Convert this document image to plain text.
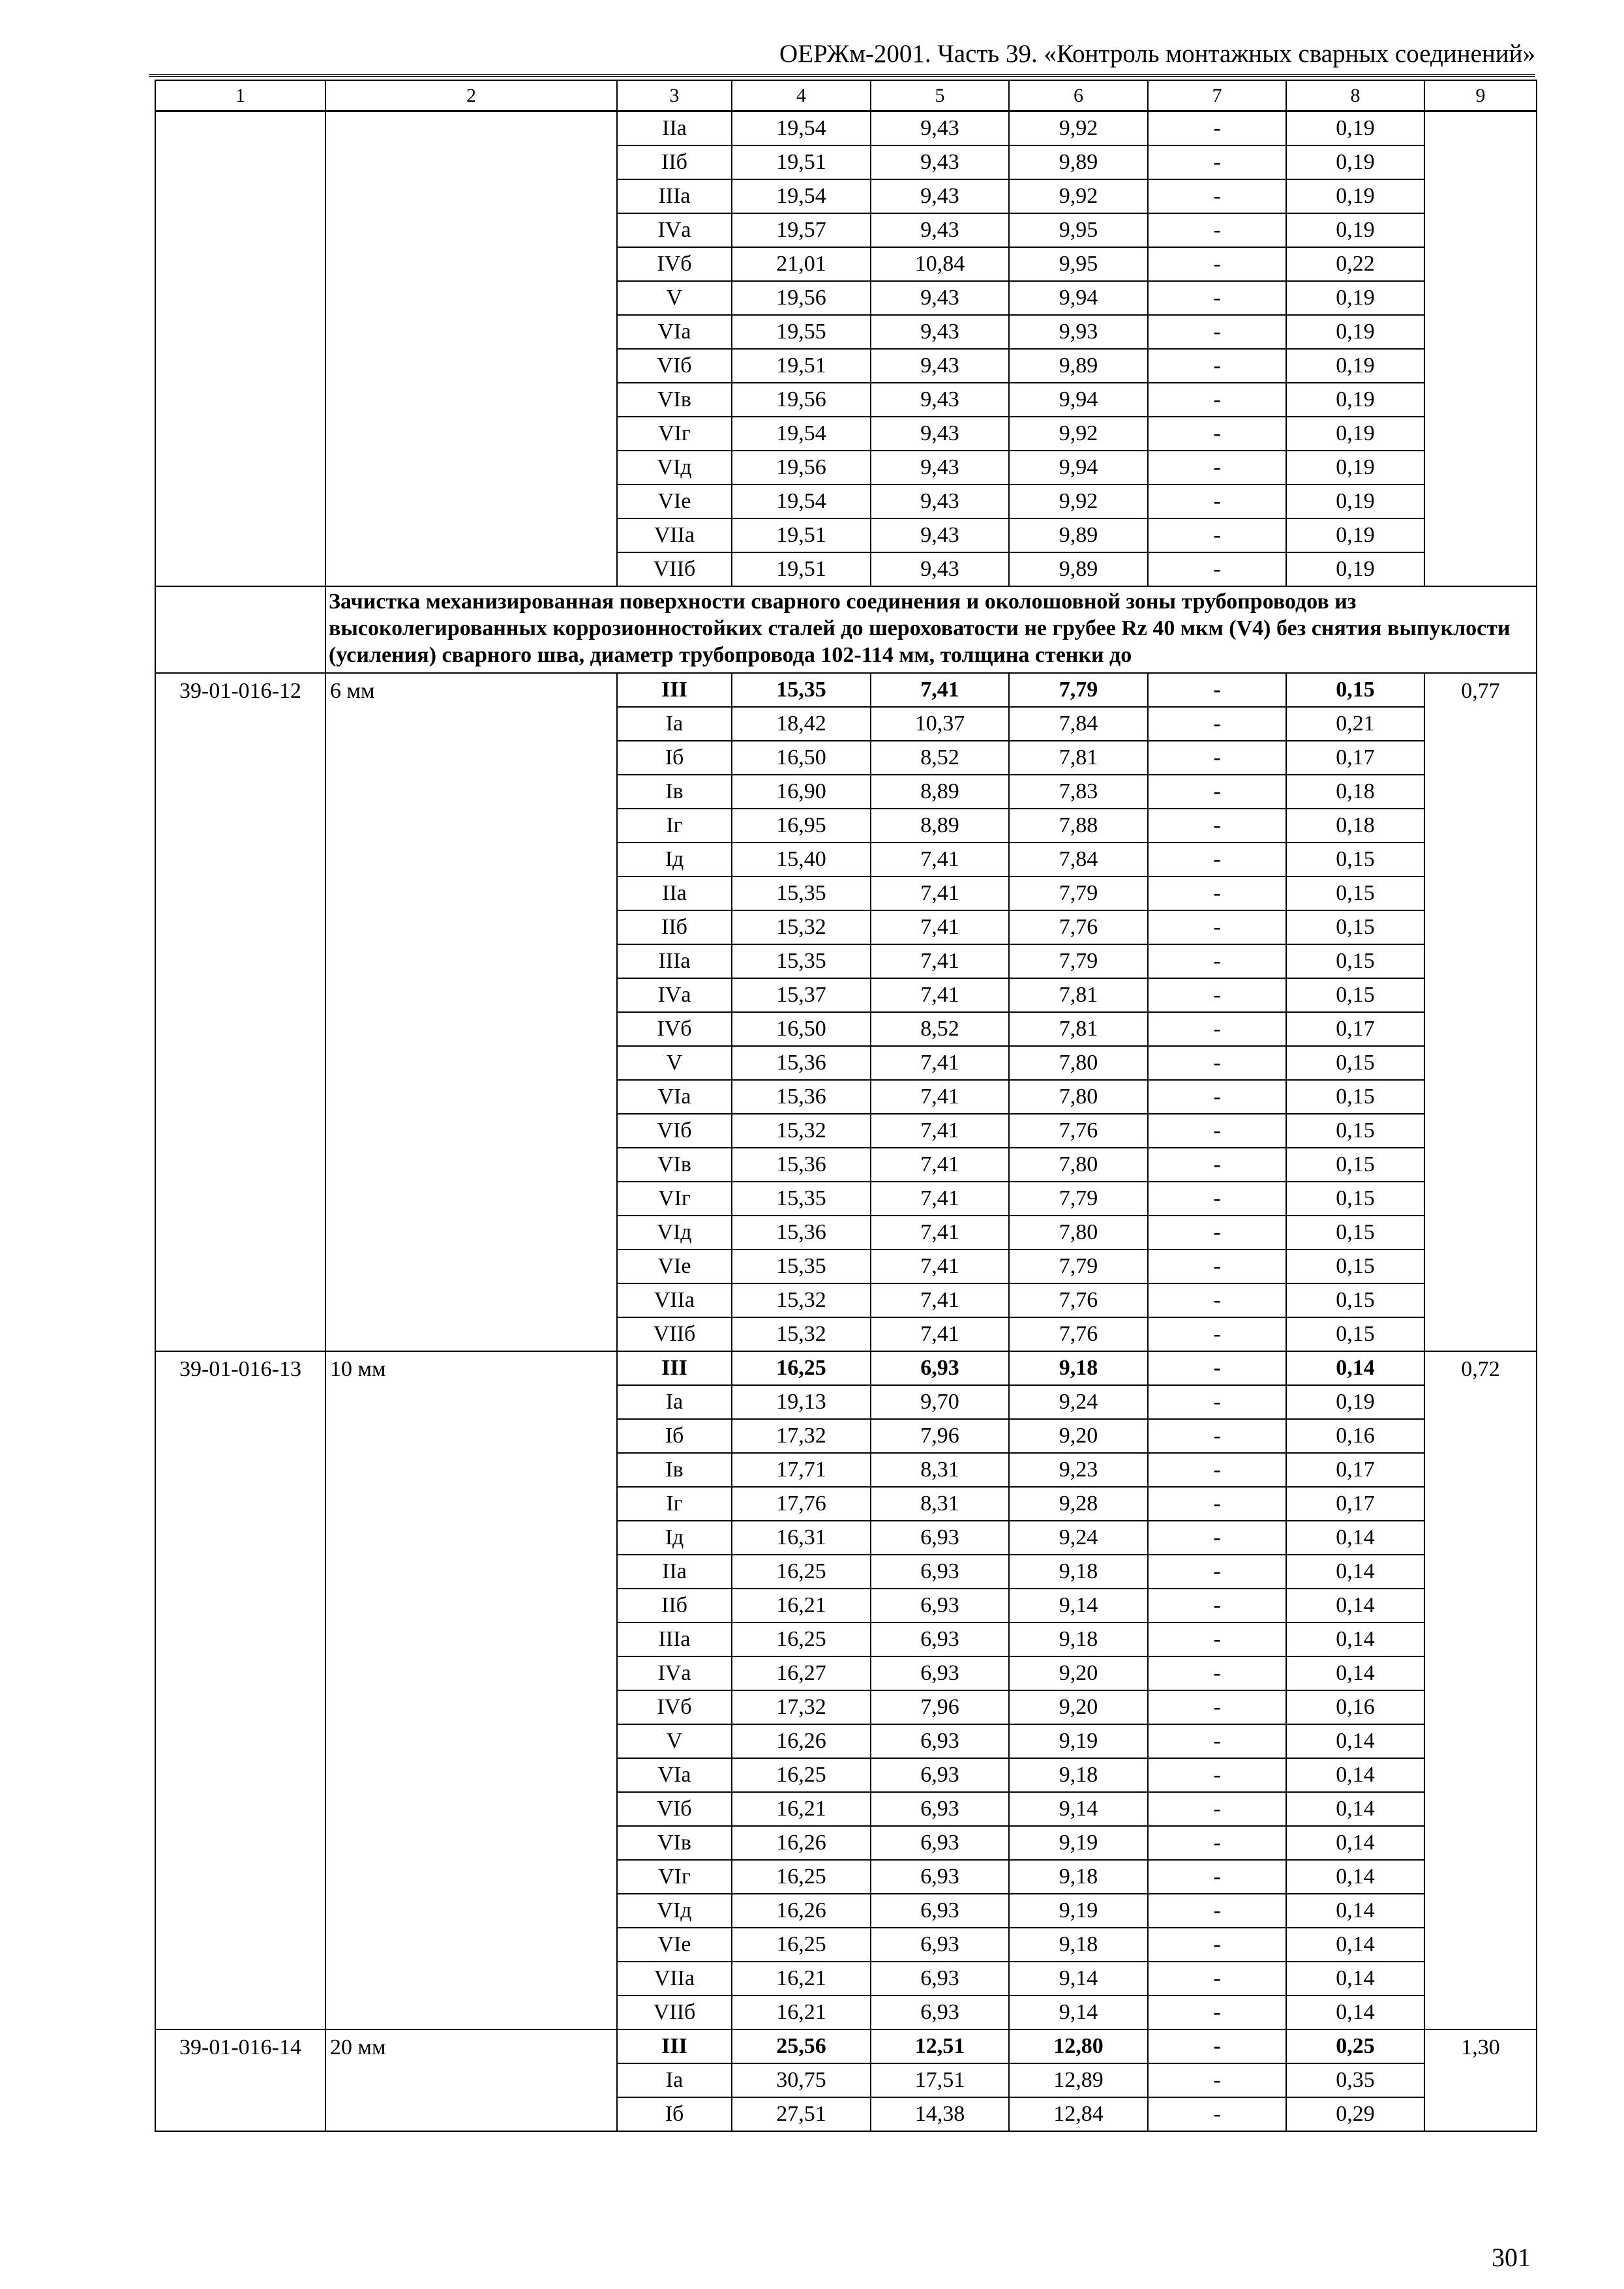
ОЕРЖм-2001. Часть 39. «Контроль монтажных сварных соединений»
1	2	3	4	5	6	7	8	9
		IIа	19,54	9,43	9,92	-	0,19	
		IIб	19,51	9,43	9,89	-	0,19	
		IIIа	19,54	9,43	9,92	-	0,19	
		IVа	19,57	9,43	9,95	-	0,19	
		IVб	21,01	10,84	9,95	-	0,22	
		V	19,56	9,43	9,94	-	0,19	
		VIа	19,55	9,43	9,93	-	0,19	
		VIб	19,51	9,43	9,89	-	0,19	
		VIв	19,56	9,43	9,94	-	0,19	
		VIг	19,54	9,43	9,92	-	0,19	
		VIд	19,56	9,43	9,94	-	0,19	
		VIе	19,54	9,43	9,92	-	0,19	
		VIIа	19,51	9,43	9,89	-	0,19	
		VIIб	19,51	9,43	9,89	-	0,19	
	Зачистка механизированная поверхности сварного соединения и околошовной зоны трубопроводов из высоколегированных коррозионностойких сталей до шероховатости не грубее Rz 40 мкм (V4) без снятия выпуклости (усиления) сварного шва, диаметр трубопровода 102-114 мм, толщина стенки до							
39-01-016-12	6 мм	III	15,35	7,41	7,79	-	0,15	0,77
		Iа	18,42	10,37	7,84	-	0,21	
		Iб	16,50	8,52	7,81	-	0,17	
		Iв	16,90	8,89	7,83	-	0,18	
		Iг	16,95	8,89	7,88	-	0,18	
		Iд	15,40	7,41	7,84	-	0,15	
		IIа	15,35	7,41	7,79	-	0,15	
		IIб	15,32	7,41	7,76	-	0,15	
		IIIа	15,35	7,41	7,79	-	0,15	
		IVа	15,37	7,41	7,81	-	0,15	
		IVб	16,50	8,52	7,81	-	0,17	
		V	15,36	7,41	7,80	-	0,15	
		VIа	15,36	7,41	7,80	-	0,15	
		VIб	15,32	7,41	7,76	-	0,15	
		VIв	15,36	7,41	7,80	-	0,15	
		VIг	15,35	7,41	7,79	-	0,15	
		VIд	15,36	7,41	7,80	-	0,15	
		VIе	15,35	7,41	7,79	-	0,15	
		VIIа	15,32	7,41	7,76	-	0,15	
		VIIб	15,32	7,41	7,76	-	0,15	
39-01-016-13	10 мм	III	16,25	6,93	9,18	-	0,14	0,72
		Iа	19,13	9,70	9,24	-	0,19	
		Iб	17,32	7,96	9,20	-	0,16	
		Iв	17,71	8,31	9,23	-	0,17	
		Iг	17,76	8,31	9,28	-	0,17	
		Iд	16,31	6,93	9,24	-	0,14	
		IIа	16,25	6,93	9,18	-	0,14	
		IIб	16,21	6,93	9,14	-	0,14	
		IIIа	16,25	6,93	9,18	-	0,14	
		IVа	16,27	6,93	9,20	-	0,14	
		IVб	17,32	7,96	9,20	-	0,16	
		V	16,26	6,93	9,19	-	0,14	
		VIа	16,25	6,93	9,18	-	0,14	
		VIб	16,21	6,93	9,14	-	0,14	
		VIв	16,26	6,93	9,19	-	0,14	
		VIг	16,25	6,93	9,18	-	0,14	
		VIд	16,26	6,93	9,19	-	0,14	
		VIе	16,25	6,93	9,18	-	0,14	
		VIIа	16,21	6,93	9,14	-	0,14	
		VIIб	16,21	6,93	9,14	-	0,14	
39-01-016-14	20 мм	III	25,56	12,51	12,80	-	0,25	1,30
		Iа	30,75	17,51	12,89	-	0,35	
		Iб	27,51	14,38	12,84	-	0,29	
301
